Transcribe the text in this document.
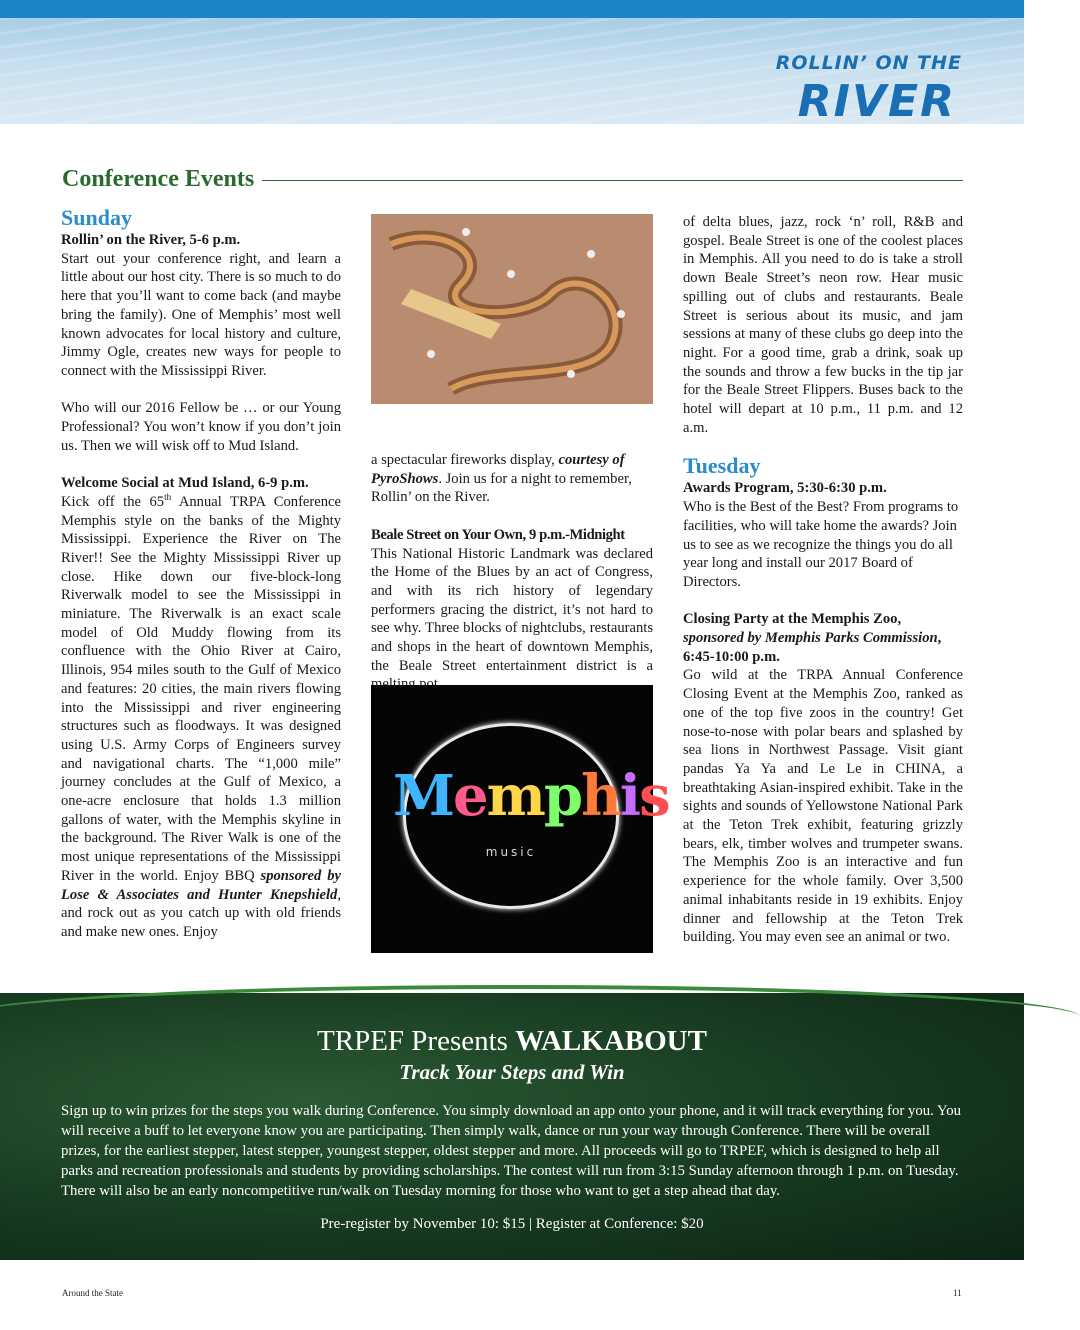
ROLLIN’ ON THE
RIVER
Conference Events
Sunday

Rollin’ on the River, 5-6 p.m.

Start out your conference right, and learn a little about our host city. There is so much to do here that you’ll want to come back (and maybe bring the family). One of Memphis’ most well known advocates for local history and culture, Jimmy Ogle, creates new ways for people to connect with the Mississippi River.

Who will our 2016 Fellow be … or our Young Professional? You won’t know if you don’t join us. Then we will wisk off to Mud Island.

Welcome Social at Mud Island, 6-9 p.m.

Kick off the 65th Annual TRPA Conference Memphis style on the banks of the Mighty Mississippi. Experience the River on The River!! See the Mighty Mississippi River up close. Hike down our five-block-long Riverwalk model to see the Mississippi in miniature. The Riverwalk is an exact scale model of Old Muddy flowing from its confluence with the Ohio River at Cairo, Illinois, 954 miles south to the Gulf of Mexico and features: 20 cities, the main rivers flowing into the Mississippi and river engineering structures such as floodways. It was designed using U.S. Army Corps of Engineers survey and navigational charts. The “1,000 mile” journey concludes at the Gulf of Mexico, a one-acre enclosure that holds 1.3 million gallons of water, with the Memphis skyline in the background. The River Walk is one of the most unique representations of the Mississippi River in the world. Enjoy BBQ sponsored by Lose & Associates and Hunter Knepshield, and rock out as you catch up with old friends and make new ones. Enjoy

a spectacular fireworks display, courtesy of PyroShows. Join us for a night to remember, Rollin’ on the River.

Beale Street on Your Own, 9 p.m.-Midnight

This National Historic Landmark was declared the Home of the Blues by an act of Congress, and with its rich history of legendary performers gracing the district, it’s not hard to see why. Three blocks of nightclubs, restaurants and shops in the heart of downtown Memphis, the Beale Street entertainment district is a

Memphis
music

of delta blues, jazz, rock ‘n’ roll, R&B and gospel. Beale Street is one of the coolest places in Memphis. All you need to do is take a stroll down Beale Street’s neon row. Hear music spilling out of clubs and restaurants. Beale Street is serious about its music, and jam sessions at many of these clubs go deep into the night. For a good time, grab a drink, soak up the sounds and throw a few bucks in the tip jar for the Beale Street Flippers. Buses back to the hotel will depart at 10 p.m., 11 p.m. and 12 a.m.

Tuesday

Awards Program, 5:30-6:30 p.m.

Who is the Best of the Best? From programs to facilities, who will take home the awards? Join us to see as we recognize the things you do all year long and install our 2017 Board of Directors.

Closing Party at the Memphis Zoo, sponsored by Memphis Parks Commission, 6:45-10:00 p.m.

Go wild at the TRPA Annual Conference Closing Event at the Memphis Zoo, ranked as one of the top five zoos in the country! Get nose-to-nose with polar bears and splashed by sea lions in Northwest Passage. Visit giant pandas Ya Ya and Le Le in CHINA, a breathtaking Asian-inspired exhibit. Take in the sights and sounds of Yellowstone National Park at the Teton Trek exhibit, featuring grizzly bears, elk, timber wolves and trumpeter swans. The Memphis Zoo is an interactive and fun experience for the whole family. Over 3,500 animal inhabitants reside in 19 exhibits. Enjoy dinner and fellowship at the Teton Trek building. You may even see an animal or two.

TRPEF Presents WALKABOUT
Track Your Steps and Win
Sign up to win prizes for the steps you walk during Conference. You simply download an app onto your phone, and it will track everything for you. You will receive a buff to let everyone know you are participating. Then simply walk, dance or run your way through Conference. There will be overall prizes, for the earliest stepper, latest stepper, youngest stepper, oldest stepper and more. All proceeds will go to TRPEF, which is designed to help all parks and recreation professionals and students by providing scholarships. The contest will run from 3:15 Sunday afternoon through 1 p.m. on Tuesday. There will also be an early noncompetitive run/walk on Tuesday morning for those who want to get a step ahead that day.
Pre-register by November 10: $15 | Register at Conference: $20
Around the State	11
